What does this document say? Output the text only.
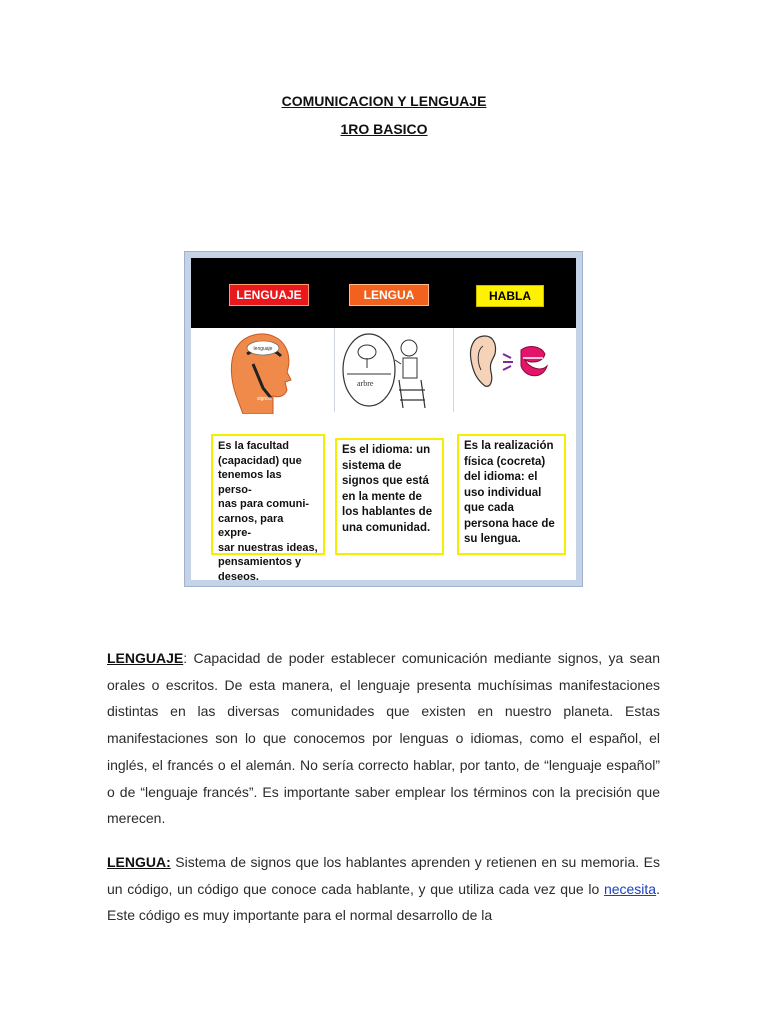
COMUNICACION Y LENGUAJE
1RO BASICO
LENGUAJE	LENGUA	HABLA
lenguaje
signos
voz
arbre
Es la facultad
(capacidad) que
tenemos las perso-
nas para comuni-
carnos, para expre-
sar nuestras ideas,
pensamientos y
deseos.
Es el idioma: un
sistema de
signos que está
en la mente de
los hablantes de
una comunidad.
Es la realización
física (cocreta)
del idioma: el
uso individual
que cada
persona hace de
su lengua.
LENGUAJE: Capacidad de poder establecer comunicación mediante signos, ya sean orales o escritos. De esta manera, el lenguaje presenta muchísimas manifestaciones distintas en las diversas comunidades que existen en nuestro planeta. Estas manifestaciones son lo que conocemos por lenguas o idiomas, como el español, el inglés, el francés o el alemán. No sería correcto hablar, por tanto, de “lenguaje español” o de “lenguaje francés”. Es importante saber emplear los términos con la precisión que merecen.
LENGUA: Sistema de signos que los hablantes aprenden y retienen en su memoria. Es un código, un código que conoce cada hablante, y que utiliza cada vez que lo necesita. Este código es muy importante para el normal desarrollo de la
